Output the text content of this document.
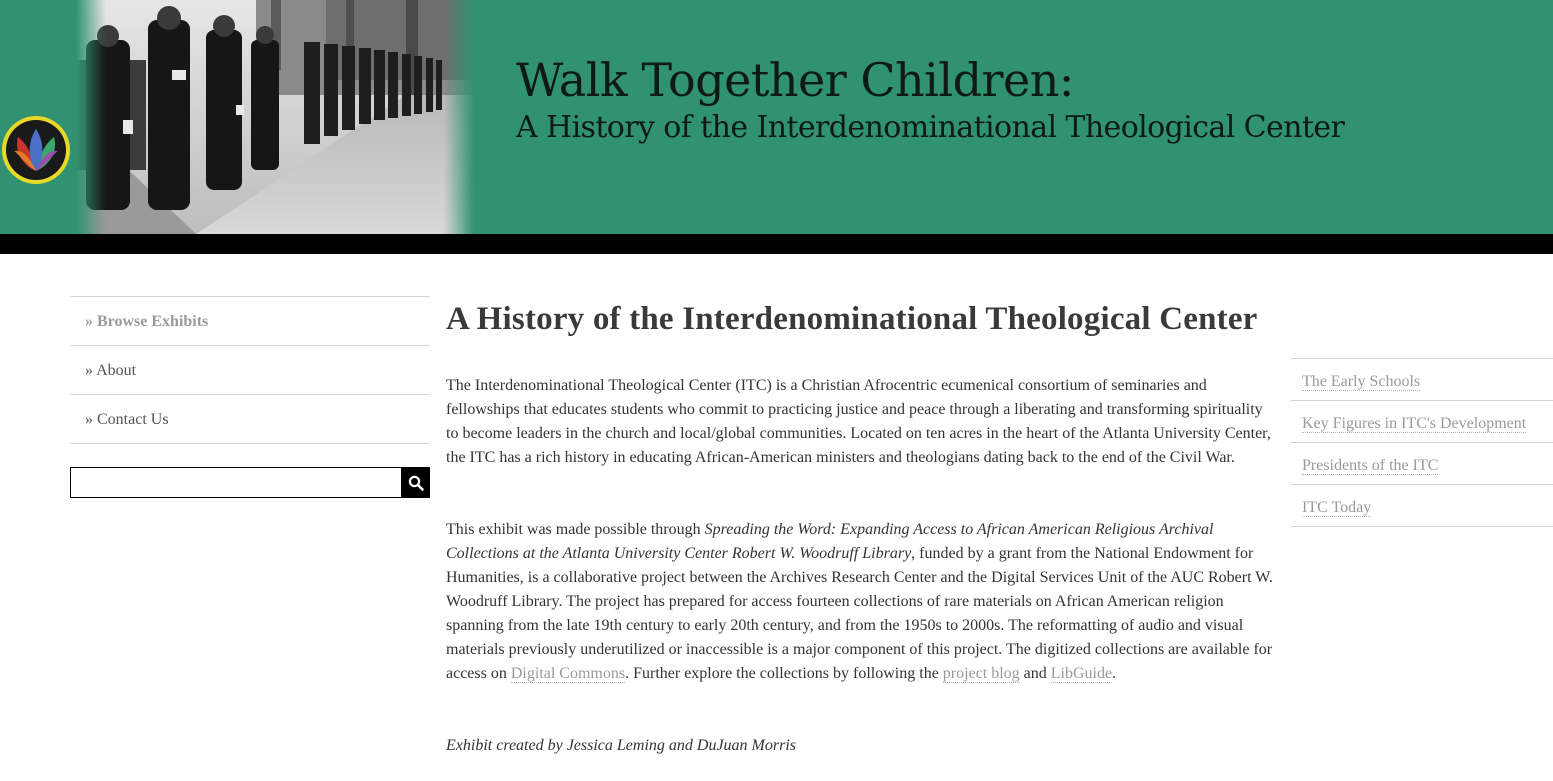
Walk Together Children:
A History of the Interdenominational Theological Center
» Browse Exhibits
» About
» Contact Us
A History of the Interdenominational Theological Center

The Interdenominational Theological Center (ITC) is a Christian Afrocentric ecumenical consortium of seminaries and fellowships that educates students who commit to practicing justice and peace through a liberating and transforming spirituality to become leaders in the church and local/global communities. Located on ten acres in the heart of the Atlanta University Center, the ITC has a rich history in educating African-American ministers and theologians dating back to the end of the Civil War.

This exhibit was made possible through Spreading the Word: Expanding Access to African American Religious Archival Collections at the Atlanta University Center Robert W. Woodruff Library, funded by a grant from the National Endowment for Humanities, is a collaborative project between the Archives Research Center and the Digital Services Unit of the AUC Robert W. Woodruff Library. The project has prepared for access fourteen collections of rare materials on African American religion spanning from the late 19th century to early 20th century, and from the 1950s to 2000s. The reformatting of audio and visual materials previously underutilized or inaccessible is a major component of this project. The digitized collections are available for access on Digital Commons. Further explore the collections by following the project blog and LibGuide.

Exhibit created by Jessica Leming and DuJuan Morris

The Early Schools
Key Figures in ITC's Development
Presidents of the ITC
ITC Today
